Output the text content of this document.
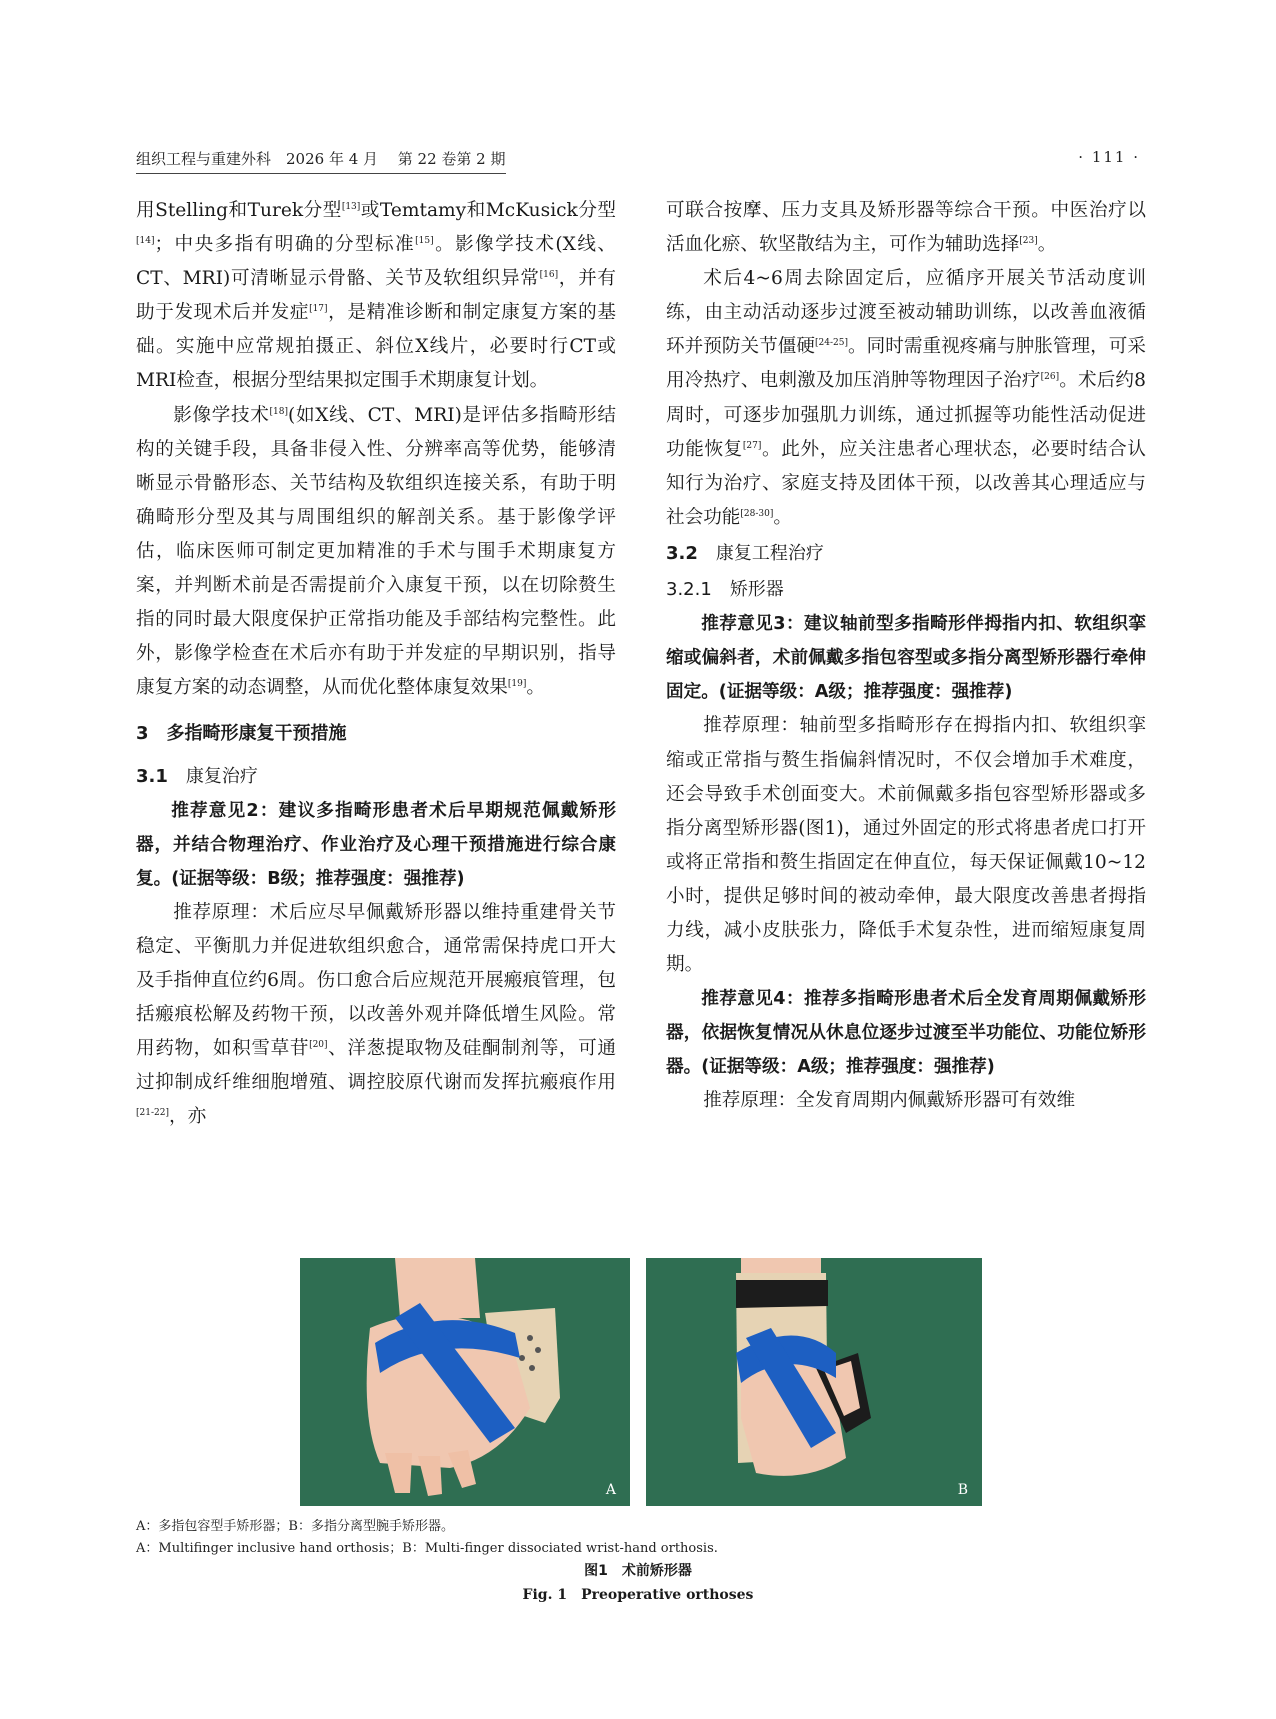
组织工程与重建外科　2026 年 4 月　 第 22 卷第 2 期	· 111 ·

用Stelling和Turek分型[13]或Temtamy和McKusick分型[14]；中央多指有明确的分型标准[15]。影像学技术(X线、CT、MRI)可清晰显示骨骼、关节及软组织异常[16]，并有助于发现术后并发症[17]，是精准诊断和制定康复方案的基础。实施中应常规拍摄正、斜位X线片，必要时行CT或MRI检查，根据分型结果拟定围手术期康复计划。

影像学技术[18](如X线、CT、MRI)是评估多指畸形结构的关键手段，具备非侵入性、分辨率高等优势，能够清晰显示骨骼形态、关节结构及软组织连接关系，有助于明确畸形分型及其与周围组织的解剖关系。基于影像学评估，临床医师可制定更加精准的手术与围手术期康复方案，并判断术前是否需提前介入康复干预，以在切除赘生指的同时最大限度保护正常指功能及手部结构完整性。此外，影像学检查在术后亦有助于并发症的早期识别，指导康复方案的动态调整，从而优化整体康复效果[19]。

3　多指畸形康复干预措施
3.1 康复治疗

推荐意见2：建议多指畸形患者术后早期规范佩戴矫形器，并结合物理治疗、作业治疗及心理干预措施进行综合康复。(证据等级：B级；推荐强度：强推荐)

推荐原理：术后应尽早佩戴矫形器以维持重建骨关节稳定、平衡肌力并促进软组织愈合，通常需保持虎口开大及手指伸直位约6周。伤口愈合后应规范开展瘢痕管理，包括瘢痕松解及药物干预，以改善外观并降低增生风险。常用药物，如积雪草苷[20]、洋葱提取物及硅酮制剂等，可通过抑制成纤维细胞增殖、调控胶原代谢而发挥抗瘢痕作用[21-22]，亦

可联合按摩、压力支具及矫形器等综合干预。中医治疗以活血化瘀、软坚散结为主，可作为辅助选择[23]。

术后4~6周去除固定后，应循序开展关节活动度训练，由主动活动逐步过渡至被动辅助训练，以改善血液循环并预防关节僵硬[24-25]。同时需重视疼痛与肿胀管理，可采用冷热疗、电刺激及加压消肿等物理因子治疗[26]。术后约8周时，可逐步加强肌力训练，通过抓握等功能性活动促进功能恢复[27]。此外，应关注患者心理状态，必要时结合认知行为治疗、家庭支持及团体干预，以改善其心理适应与社会功能[28-30]。

3.2 康复工程治疗
3.2.1 矫形器

推荐意见3：建议轴前型多指畸形伴拇指内扣、软组织挛缩或偏斜者，术前佩戴多指包容型或多指分离型矫形器行牵伸固定。(证据等级：A级；推荐强度：强推荐)

推荐原理：轴前型多指畸形存在拇指内扣、软组织挛缩或正常指与赘生指偏斜情况时，不仅会增加手术难度，还会导致手术创面变大。术前佩戴多指包容型矫形器或多指分离型矫形器(图1)，通过外固定的形式将患者虎口打开或将正常指和赘生指固定在伸直位，每天保证佩戴10~12小时，提供足够时间的被动牵伸，最大限度改善患者拇指力线，减小皮肤张力，降低手术复杂性，进而缩短康复周期。

推荐意见4：推荐多指畸形患者术后全发育周期佩戴矫形器，依据恢复情况从休息位逐步过渡至半功能位、功能位矫形器。(证据等级：A级；推荐强度：强推荐)

推荐原理：全发育周期内佩戴矫形器可有效维

A	B
A：多指包容型手矫形器；B：多指分离型腕手矫形器。
A：Multifinger inclusive hand orthosis；B：Multi-finger dissociated wrist-hand orthosis.
图1　术前矫形器
Fig. 1　Preoperative orthoses
